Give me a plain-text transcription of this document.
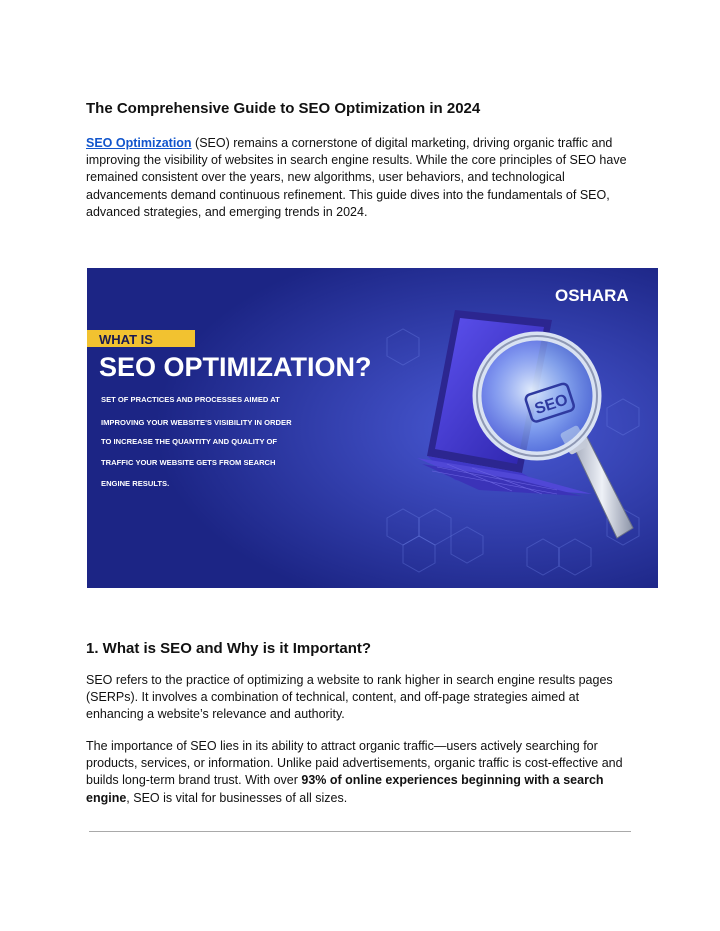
The Comprehensive Guide to SEO Optimization in 2024

SEO Optimization (SEO) remains a cornerstone of digital marketing, driving organic traffic and improving the visibility of websites in search engine results. While the core principles of SEO have remained consistent over the years, new algorithms, user behaviors, and technological advancements demand continuous refinement. This guide dives into the fundamentals of SEO, advanced strategies, and emerging trends in 2024.

OSHARA
WHAT IS
SEO OPTIMIZATION?
SET OF PRACTICES AND PROCESSES AIMED AT
IMPROVING YOUR WEBSITE'S VISIBILITY IN ORDER
TO INCREASE THE QUANTITY AND QUALITY OF
TRAFFIC YOUR WEBSITE GETS FROM SEARCH
ENGINE RESULTS.
SEO
1. What is SEO and Why is it Important?

SEO refers to the practice of optimizing a website to rank higher in search engine results pages (SERPs). It involves a combination of technical, content, and off-page strategies aimed at enhancing a website’s relevance and authority.

The importance of SEO lies in its ability to attract organic traffic—users actively searching for products, services, or information. Unlike paid advertisements, organic traffic is cost-effective and builds long-term brand trust. With over 93% of online experiences beginning with a search engine, SEO is vital for businesses of all sizes.
